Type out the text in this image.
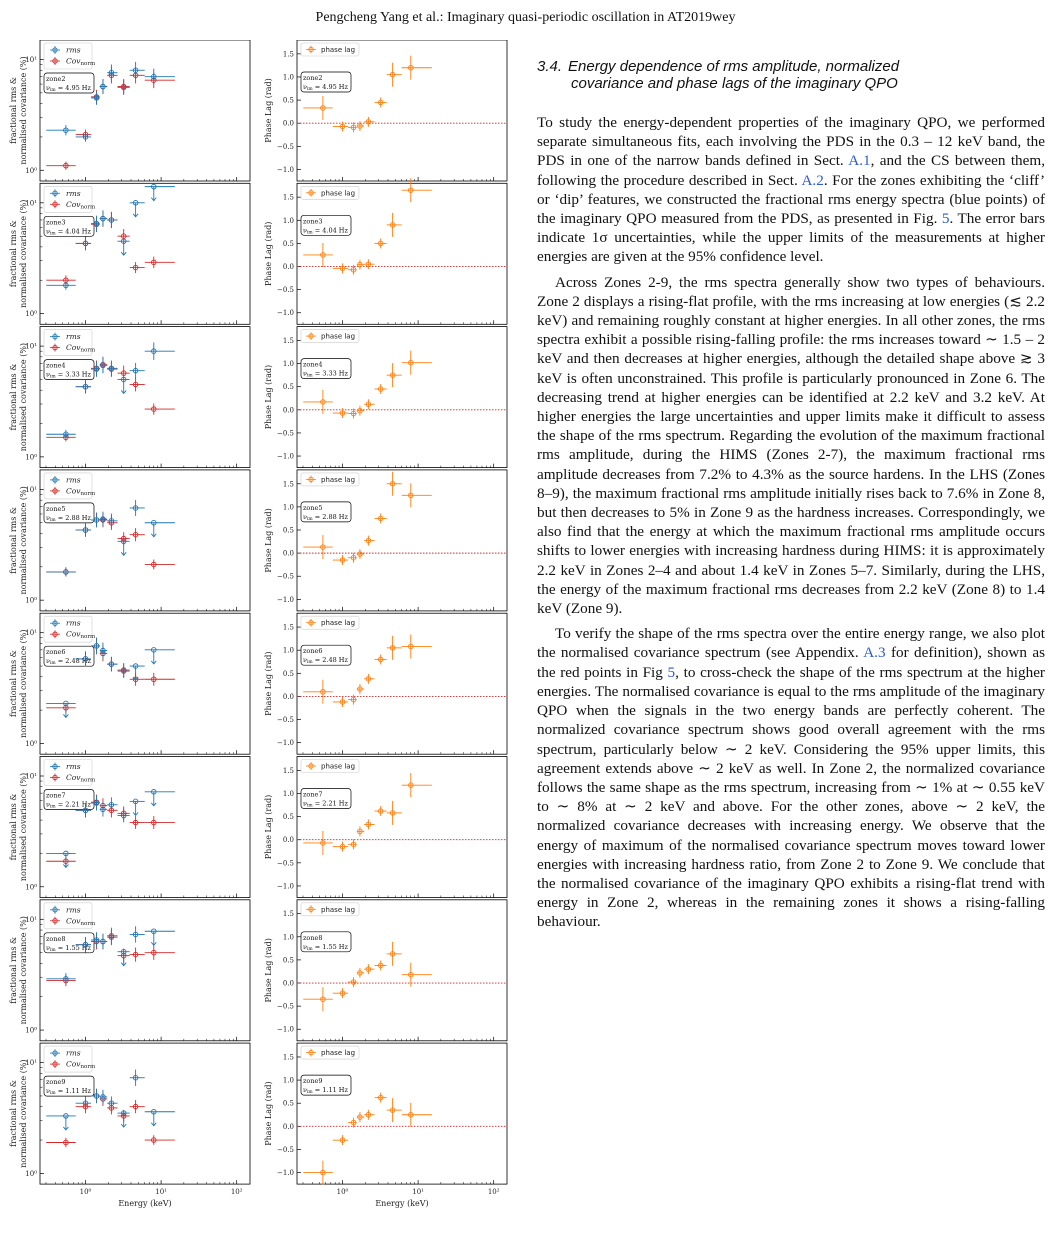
Pengcheng Yang et al.: Imaginary quasi-periodic oscillation in AT2019wey
10¹
10⁰
fractional rms & normalised covariance (%)
rms
Cov$_{norm}$
zone2
νim = 4.95 Hz
1.5
1.0
0.5
0.0
−0.5
−1.0
Phase Lag (rad)
phase lag
zone2
νim = 4.95 Hz
10¹
10⁰
fractional rms & normalised covariance (%)
rms
Cov$_{norm}$
zone3
νim = 4.04 Hz
1.5
1.0
0.5
0.0
−0.5
−1.0
Phase Lag (rad)
phase lag
zone3
νim = 4.04 Hz
10¹
10⁰
fractional rms & normalised covariance (%)
rms
Cov$_{norm}$
zone4
νim = 3.33 Hz
1.5
1.0
0.5
0.0
−0.5
−1.0
Phase Lag (rad)
phase lag
zone4
νim = 3.33 Hz
10¹
10⁰
fractional rms & normalised covariance (%)
rms
Cov$_{norm}$
zone5
νim = 2.88 Hz
1.5
1.0
0.5
0.0
−0.5
−1.0
Phase Lag (rad)
phase lag
zone5
νim = 2.88 Hz
10¹
10⁰
fractional rms & normalised covariance (%)
rms
Cov$_{norm}$
zone6
νim = 2.48 Hz
1.5
1.0
0.5
0.0
−0.5
−1.0
Phase Lag (rad)
phase lag
zone6
νim = 2.48 Hz
10¹
10⁰
fractional rms & normalised covariance (%)
rms
Cov$_{norm}$
zone7
νim = 2.21 Hz
1.5
1.0
0.5
0.0
−0.5
−1.0
Phase Lag (rad)
phase lag
zone7
νim = 2.21 Hz
10¹
10⁰
fractional rms & normalised covariance (%)
rms
Cov$_{norm}$
zone8
νim = 1.55 Hz
1.5
1.0
0.5
0.0
−0.5
−1.0
Phase Lag (rad)
phase lag
zone8
νim = 1.55 Hz
10¹
10⁰
fractional rms & normalised covariance (%)
rms
Cov$_{norm}$
zone9
νim = 1.11 Hz
10⁰	10¹	10²
Energy (keV)
1.5
1.0
0.5
0.0
−0.5
−1.0
Phase Lag (rad)
phase lag
zone9
νim = 1.11 Hz
10⁰	10¹	10²
Energy (keV)
3.4. Energy dependence of rms amplitude, normalized
covariance and phase lags of the imaginary QPO

To study the energy-dependent properties of the imaginary QPO, we performed separate simultaneous fits, each involving the PDS in the 0.3 – 12 keV band, the PDS in one of the narrow bands defined in Sect. A.1, and the CS between them, following the procedure described in Sect. A.2. For the zones exhibiting the ‘cliff’ or ‘dip’ features, we constructed the fractional rms energy spectra (blue points) of the imaginary QPO measured from the PDS, as presented in Fig. 5. The error bars indicate 1σ uncertainties, while the upper limits of the measurements at higher energies are given at the 95% confidence level.

Across Zones 2-9, the rms spectra generally show two types of behaviours. Zone 2 displays a rising-flat profile, with the rms increasing at low energies (≲ 2.2 keV) and remaining roughly constant at higher energies. In all other zones, the rms spectra exhibit a possible rising-falling profile: the rms increases toward ∼ 1.5 – 2 keV and then decreases at higher energies, although the detailed shape above ≳ 3 keV is often unconstrained. This profile is particularly pronounced in Zone 6. The decreasing trend at higher energies can be identified at 2.2 keV and 3.2 keV. At higher energies the large uncertainties and upper limits make it difficult to assess the shape of the rms spectrum. Regarding the evolution of the maximum fractional rms amplitude, during the HIMS (Zones 2-7), the maximum fractional rms amplitude decreases from 7.2% to 4.3% as the source hardens. In the LHS (Zones 8–9), the maximum fractional rms amplitude initially rises back to 7.6% in Zone 8, but then decreases to 5% in Zone 9 as the hardness increases. Correspondingly, we also find that the energy at which the maximum fractional rms amplitude occurs shifts to lower energies with increasing hardness during HIMS: it is approximately 2.2 keV in Zones 2–4 and about 1.4 keV in Zones 5–7. Similarly, during the LHS, the energy of the maximum fractional rms decreases from 2.2 keV (Zone 8) to 1.4 keV (Zone 9).

To verify the shape of the rms spectra over the entire energy range, we also plot the normalised covariance spectrum (see Appendix. A.3 for definition), shown as the red points in Fig 5, to cross-check the shape of the rms spectrum at the higher energies. The normalised covariance is equal to the rms amplitude of the imaginary QPO when the signals in the two energy bands are perfectly coherent. The normalized covariance spectrum shows good overall agreement with the rms spectrum, particularly below ∼ 2 keV. Considering the 95% upper limits, this agreement extends above ∼ 2 keV as well. In Zone 2, the normalized covariance follows the same shape as the rms spectrum, increasing from ∼ 1% at ∼ 0.55 keV to ∼ 8% at ∼ 2 keV and above. For the other zones, above ∼ 2 keV, the normalized covariance decreases with increasing energy. We observe that the energy of maximum of the normalised covariance spectrum moves toward lower energies with increasing hardness ratio, from Zone 2 to Zone 9. We conclude that the normalised covariance of the imaginary QPO exhibits a rising-flat trend with energy in Zone 2, whereas in the remaining zones it shows a rising-falling behaviour.
